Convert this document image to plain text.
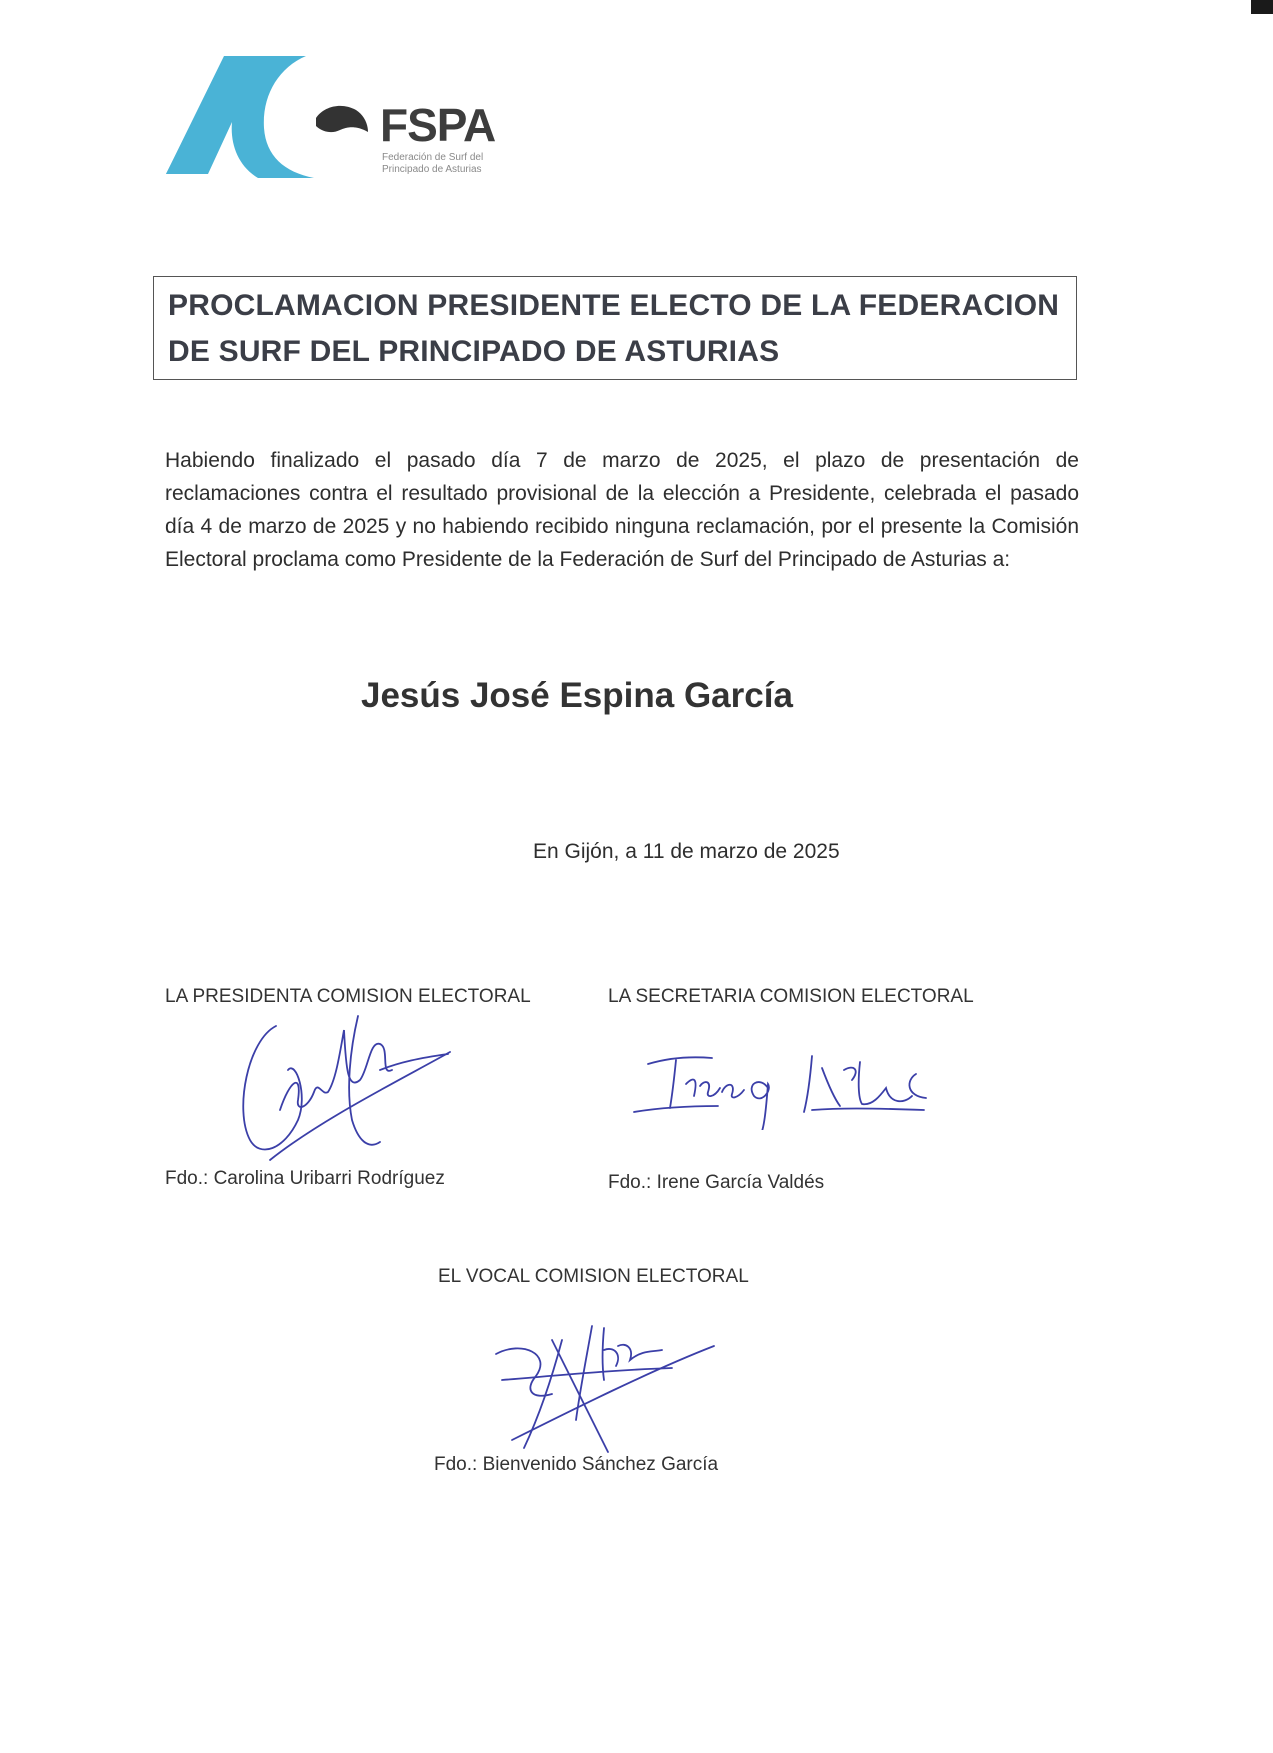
FSPA
Federación de Surf del
Principado de Asturias
PROCLAMACION PRESIDENTE ELECTO DE LA FEDERACION
DE SURF DEL PRINCIPADO DE ASTURIAS
Habiendo finalizado el pasado día 7 de marzo de 2025, el plazo de presentación de reclamaciones contra el resultado provisional de la elección a Presidente, celebrada el pasado día 4 de marzo de 2025 y no habiendo recibido ninguna reclamación, por el presente la Comisión Electoral proclama como Presidente de la Federación de Surf del Principado de Asturias a:
Jesús José Espina García
En Gijón, a 11 de marzo de 2025
LA PRESIDENTA COMISION ELECTORAL
Fdo.: Carolina Uribarri Rodríguez
LA SECRETARIA COMISION ELECTORAL
Fdo.: Irene García Valdés
EL VOCAL COMISION ELECTORAL
Fdo.: Bienvenido Sánchez García
